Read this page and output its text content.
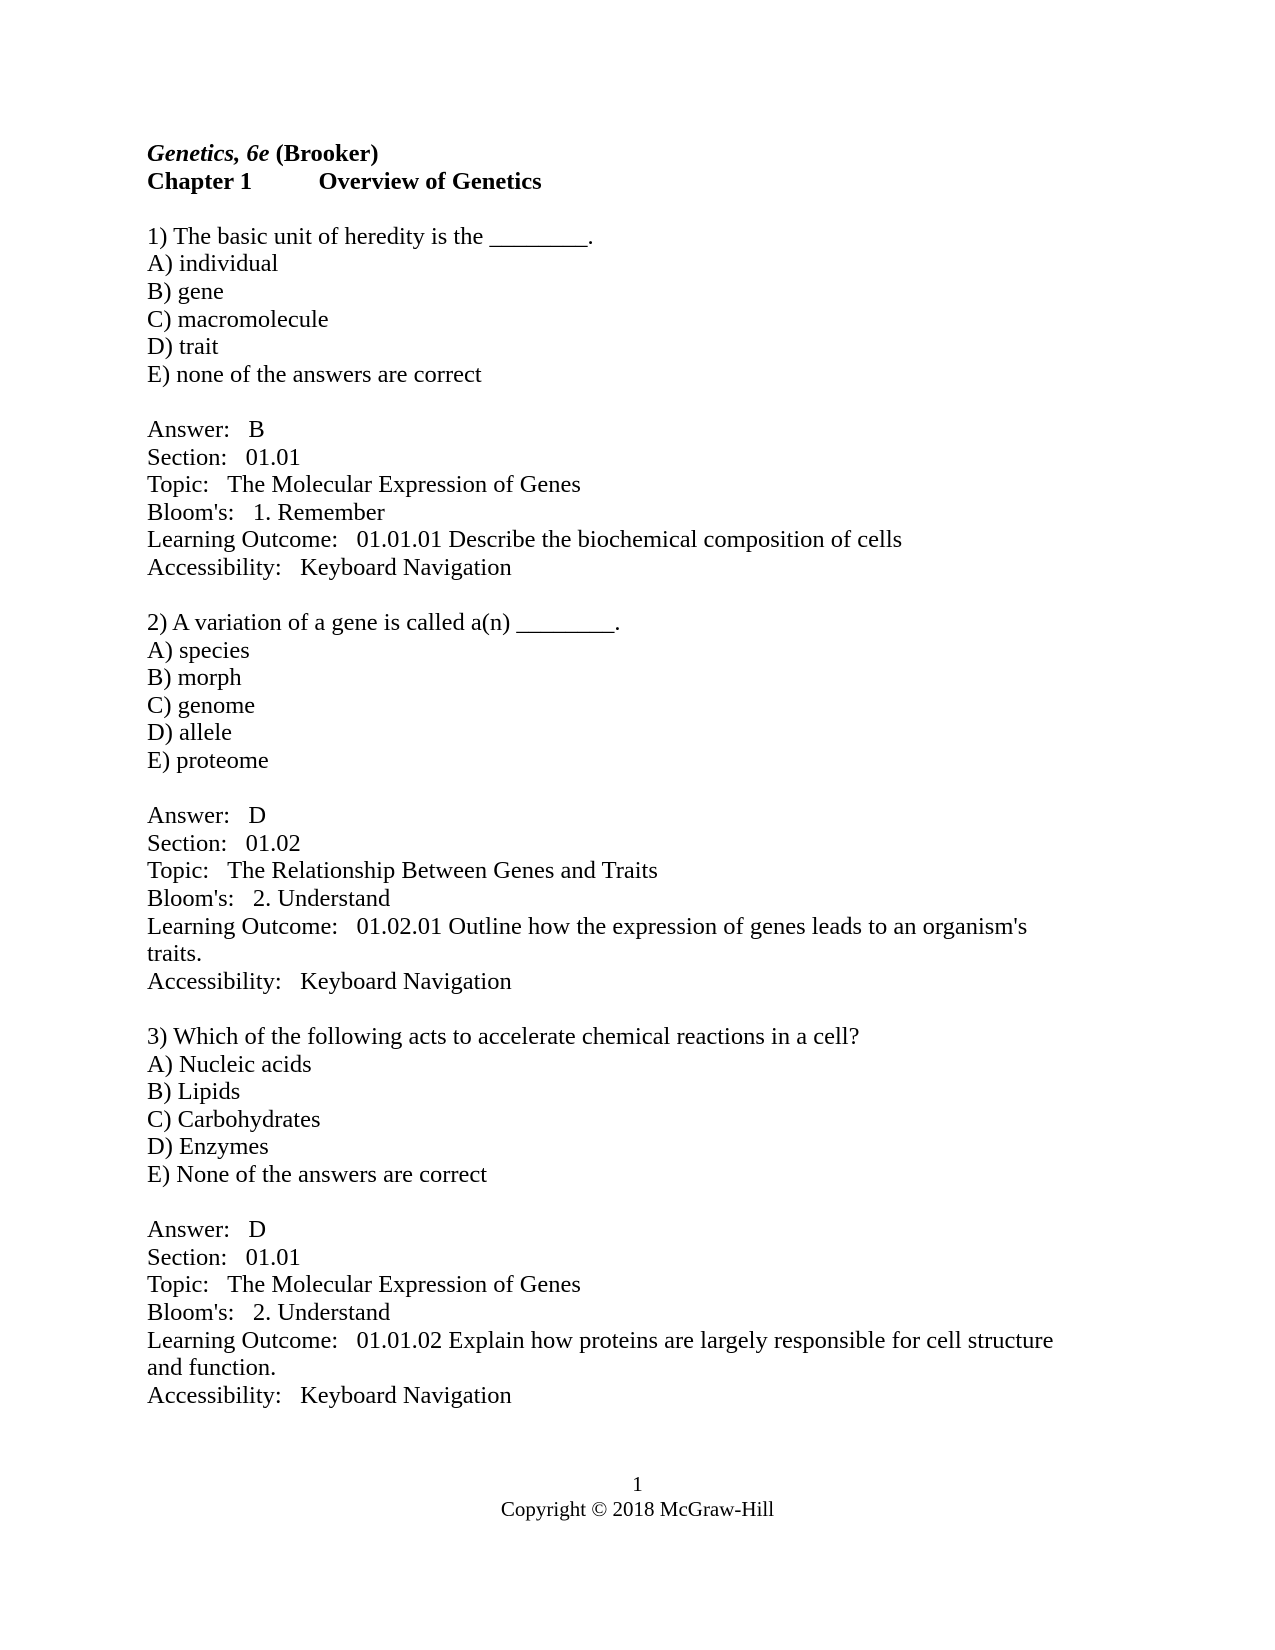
Genetics, 6e (Brooker)
Chapter 1		Overview of Genetics
1) The basic unit of heredity is the ________.
A) individual
B) gene
C) macromolecule
D) trait
E) none of the answers are correct
Answer:   B
Section:   01.01
Topic:   The Molecular Expression of Genes
Bloom's:   1. Remember
Learning Outcome:   01.01.01 Describe the biochemical composition of cells
Accessibility:   Keyboard Navigation
2) A variation of a gene is called a(n) ________.
A) species
B) morph
C) genome
D) allele
E) proteome
Answer:   D
Section:   01.02
Topic:   The Relationship Between Genes and Traits
Bloom's:   2. Understand
Learning Outcome:   01.02.01 Outline how the expression of genes leads to an organism's traits.
Accessibility:   Keyboard Navigation
3) Which of the following acts to accelerate chemical reactions in a cell?
A) Nucleic acids
B) Lipids
C) Carbohydrates
D) Enzymes
E) None of the answers are correct
Answer:   D
Section:   01.01
Topic:   The Molecular Expression of Genes
Bloom's:   2. Understand
Learning Outcome:   01.01.02 Explain how proteins are largely responsible for cell structure and function.
Accessibility:   Keyboard Navigation
1
Copyright © 2018 McGraw-Hill
